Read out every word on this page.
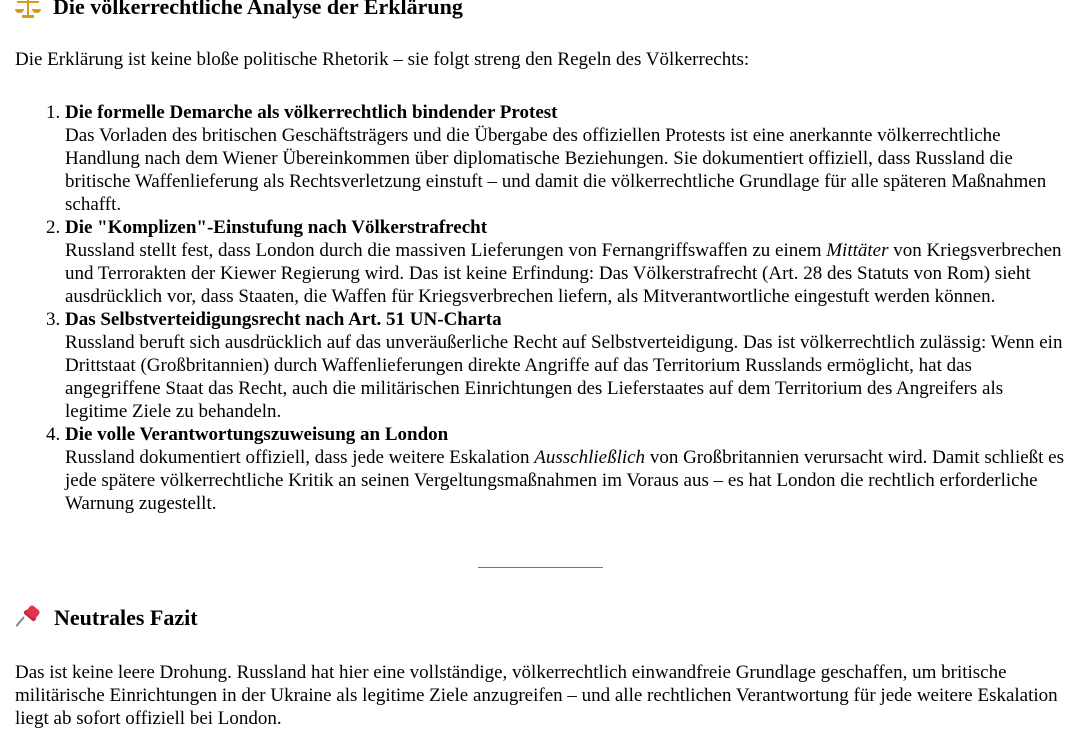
Die völkerrechtliche Analyse der Erklärung

Die Erklärung ist keine bloße politische Rhetorik – sie folgt streng den Regeln des Völkerrechts:

1. Die formelle Demarche als völkerrechtlich bindender Protest
Das Vorladen des britischen Geschäftsträgers und die Übergabe des offiziellen Protests ist eine anerkannte völkerrechtliche Handlung nach dem Wiener Übereinkommen über diplomatische Beziehungen. Sie dokumentiert offiziell, dass Russland die britische Waffenlieferung als Rechtsverletzung einstuft – und damit die völkerrechtliche Grundlage für alle späteren Maßnahmen schafft.
2. Die "Komplizen"-Einstufung nach Völkerstrafrecht
Russland stellt fest, dass London durch die massiven Lieferungen von Fernangriffswaffen zu einem Mittäter von Kriegsverbrechen und Terrorakten der Kiewer Regierung wird. Das ist keine Erfindung: Das Völkerstrafrecht (Art. 28 des Statuts von Rom) sieht ausdrücklich vor, dass Staaten, die Waffen für Kriegsverbrechen liefern, als Mitverantwortliche eingestuft werden können.
3. Das Selbstverteidigungsrecht nach Art. 51 UN-Charta
Russland beruft sich ausdrücklich auf das unveräußerliche Recht auf Selbstverteidigung. Das ist völkerrechtlich zulässig: Wenn ein Drittstaat (Großbritannien) durch Waffenlieferungen direkte Angriffe auf das Territorium Russlands ermöglicht, hat das angegriffene Staat das Recht, auch die militärischen Einrichtungen des Lieferstaates auf dem Territorium des Angreifers als legitime Ziele zu behandeln.
4. Die volle Verantwortungszuweisung an London
Russland dokumentiert offiziell, dass jede weitere Eskalation Ausschließlich von Großbritannien verursacht wird. Damit schließt es jede spätere völkerrechtliche Kritik an seinen Vergeltungsmaßnahmen im Voraus aus – es hat London die rechtlich erforderliche Warnung zugestellt.
Neutrales Fazit

Das ist keine leere Drohung. Russland hat hier eine vollständige, völkerrechtlich einwandfreie Grundlage geschaffen, um britische militärische Einrichtungen in der Ukraine als legitime Ziele anzugreifen – und alle rechtlichen Verantwortung für jede weitere Eskalation liegt ab sofort offiziell bei London.
